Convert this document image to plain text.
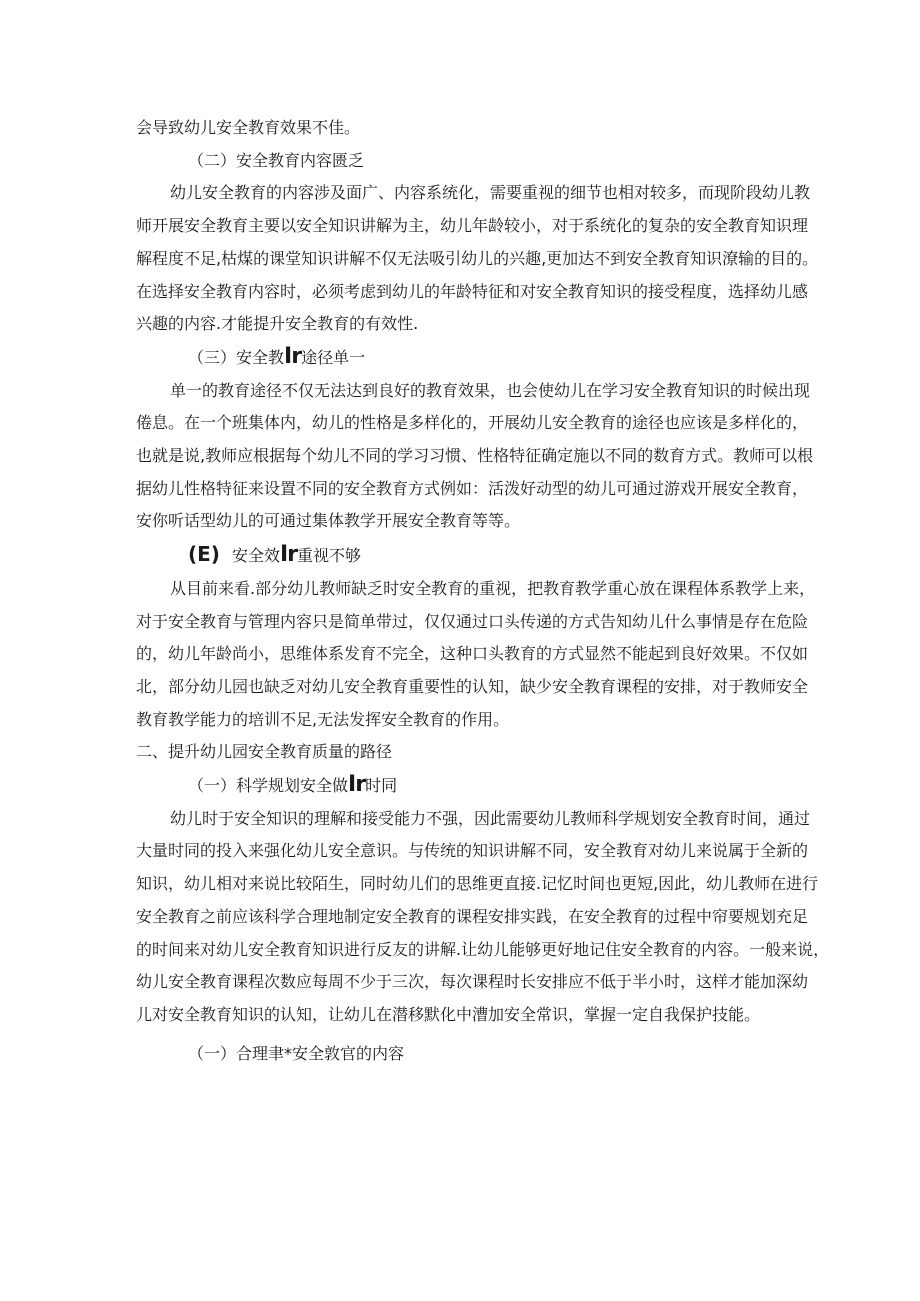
会导致幼儿安全教育效果不佳。

（二）安全教育内容匮乏

幼儿安全教育的内容涉及面广、内容系统化，需要重视的细节也相对较多，而现阶段幼儿教
师开展安全教育主要以安全知识讲解为主，幼儿年龄较小，对于系统化的复杂的安全教育知识理
解程度不足,枯煤的课堂知识讲解不仅无法吸引幼儿的兴趣,更加达不到安全教育知识潦输的目的。
在选择安全教育内容时，必须考虑到幼儿的年龄特征和对安全教育知识的接受程度，选择幼儿感
兴趣的内容.才能提升安全教育的有效性.

（三）安全教Ir途径单一

单一的教育途径不仅无法达到良好的教育效果，也会使幼儿在学习安全教育知识的时候出现
倦息。在一个班集体内，幼儿的性格是多样化的，开展幼儿安全教育的途径也应该是多样化的，
也就是说,教师应根据每个幼儿不同的学习习惯、性格特征确定施以不同的数育方式。教师可以根
据幼儿性格特征来设置不同的安全教育方式例如：活泼好动型的幼儿可通过游戏开展安全教育，
安你听话型幼儿的可通过集体教学开展安全教育等等。

(E) 安全效Ir重视不够

从目前来看.部分幼儿教师缺乏时安全教育的重视，把教育教学重心放在课程体系教学上来，
对于安全教育与管理内容只是简单带过，仅仅通过口头传递的方式告知幼儿什么事情是存在危险
的，幼儿年龄尚小，思维体系发育不完全，这种口头教育的方式显然不能起到良好效果。不仅如
北，部分幼儿园也缺乏对幼儿安全教育重要性的认知，缺少安全教育课程的安排，对于教师安全
教育教学能力的培训不足,无法发挥安全教育的作用。

二、提升幼儿园安全教育质量的路径

（一）科学规划安全做Ir时同

幼儿时于安全知识的理解和接受能力不强，因此需要幼儿教师科学规划安全教育时间，通过
大量时同的投入来强化幼儿安全意识。与传统的知识讲解不同，安全教育对幼儿来说属于全新的
知识，幼儿相对来说比较陌生，同时幼儿们的思维更直接.记忆时间也更短,因此，幼儿教师在进行
安全教育之前应该科学合理地制定安全教育的课程安排实践，在安全教育的过程中帘要规划充足
的时间来对幼儿安全教育知识进行反友的讲解.让幼儿能够更好地记住安全教育的内容。一般来说，
幼儿安全教育课程次数应每周不少于三次，每次课程时长安排应不低于半小时，这样才能加深幼
儿对安全教育知识的认知，让幼儿在潜移默化中漕加安全常识，掌握一定自我保护技能。

（一）合理聿*安全敦官的内容
